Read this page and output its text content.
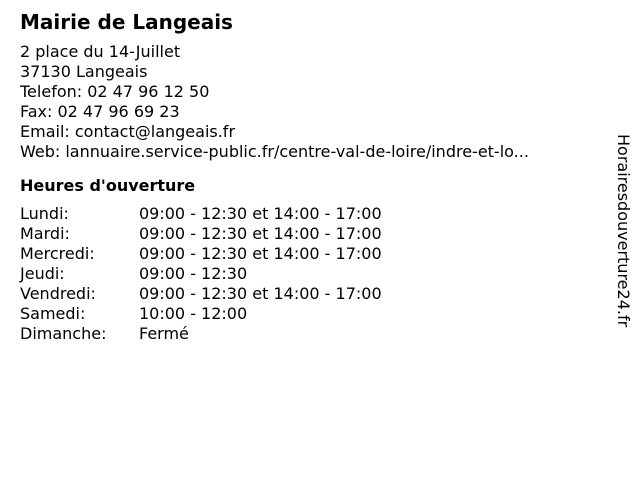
Mairie de Langeais
2 place du 14-Juillet
37130 Langeais
Telefon: 02 47 96 12 50
Fax: 02 47 96 69 23
Email: contact@langeais.fr
Web: lannuaire.service-public.fr/centre-val-de-loire/indre-et-lo...
Heures d'ouverture
Lundi:	09:00 - 12:30 et 14:00 - 17:00
Mardi:	09:00 - 12:30 et 14:00 - 17:00
Mercredi:	09:00 - 12:30 et 14:00 - 17:00
Jeudi:	09:00 - 12:30
Vendredi:	09:00 - 12:30 et 14:00 - 17:00
Samedi:	10:00 - 12:00
Dimanche:	Fermé
Horairesdouverture24.fr
